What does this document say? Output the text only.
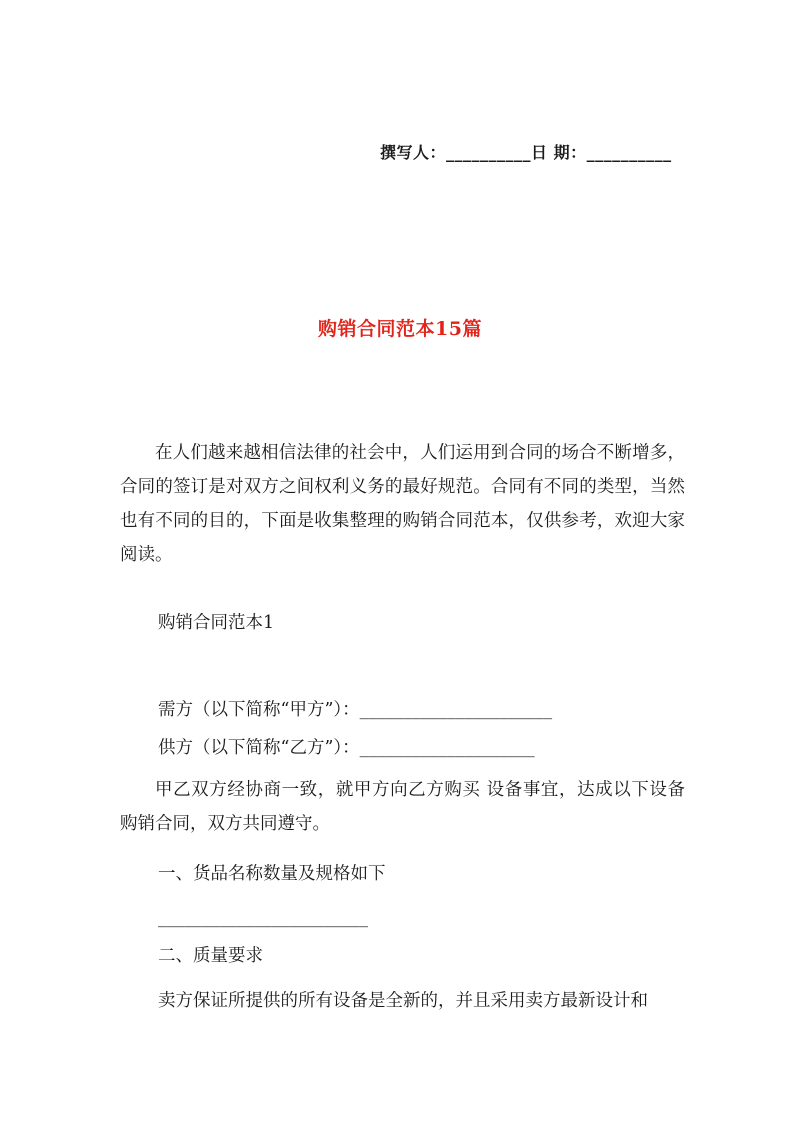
撰写人：__________日 期：__________
购销合同范本15篇

在人们越来越相信法律的社会中，人们运用到合同的场合不断增多，合同的签订是对双方之间权利义务的最好规范。合同有不同的类型，当然也有不同的目的，下面是收集整理的购销合同范本，仅供参考，欢迎大家阅读。

购销合同范本1
需方（以下简称“甲方”）：______________________
供方（以下简称“乙方”）：____________________

甲乙双方经协商一致，就甲方向乙方购买 设备事宜，达成以下设备购销合同，双方共同遵守。

一、货品名称数量及规格如下
________________________
二、质量要求
卖方保证所提供的所有设备是全新的，并且采用卖方最新设计和
